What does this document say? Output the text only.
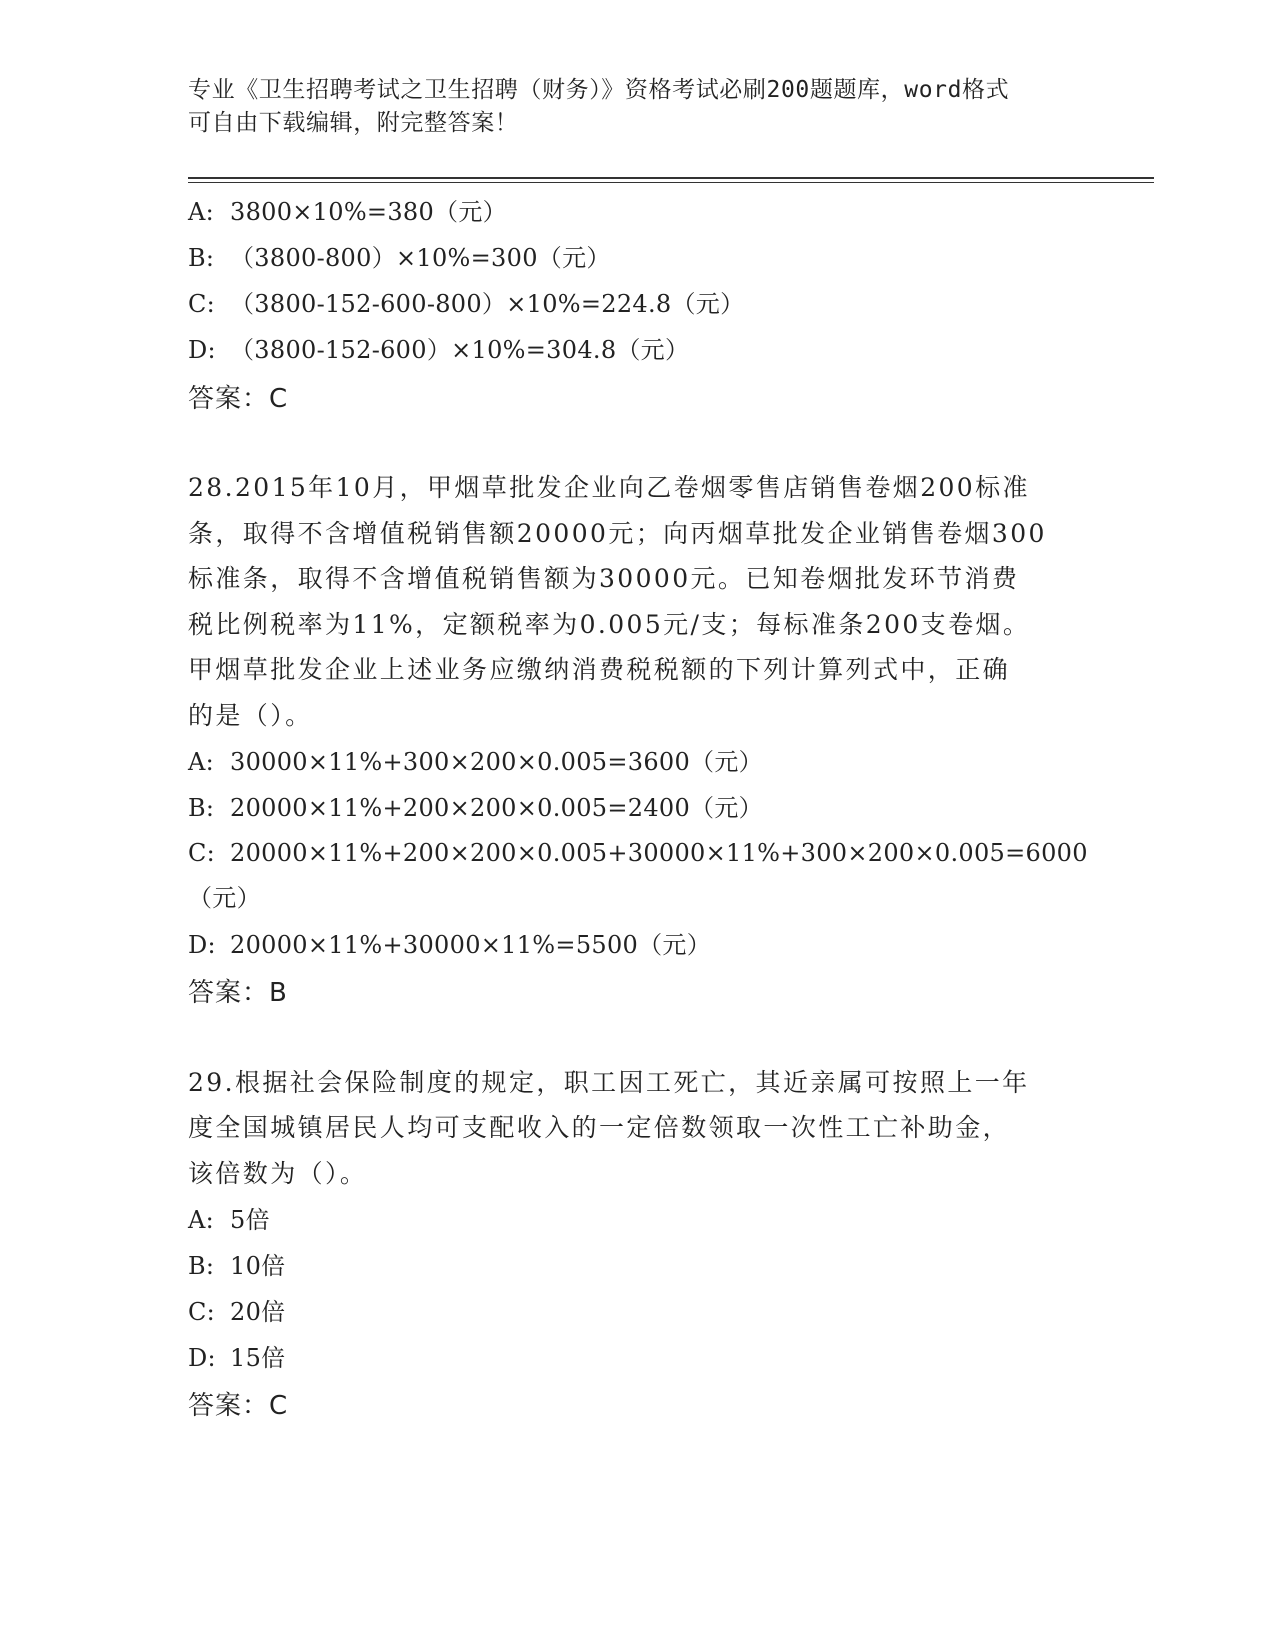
专业《卫生招聘考试之卫生招聘（财务）》资格考试必刷200题题库，word格式
可自由下载编辑，附完整答案！
A: 3800×10%=380（元）
B: （3800-800）×10%=300（元）
C: （3800-152-600-800）×10%=224.8（元）
D: （3800-152-600）×10%=304.8（元）
答案：C
28.2015年10月，甲烟草批发企业向乙卷烟零售店销售卷烟200标准
条，取得不含增值税销售额20000元；向丙烟草批发企业销售卷烟300
标准条，取得不含增值税销售额为30000元。已知卷烟批发环节消费
税比例税率为11%，定额税率为0.005元/支；每标准条200支卷烟。
甲烟草批发企业上述业务应缴纳消费税税额的下列计算列式中，正确
的是（）。
A: 30000×11%+300×200×0.005=3600（元）
B: 20000×11%+200×200×0.005=2400（元）
C: 20000×11%+200×200×0.005+30000×11%+300×200×0.005=6000
（元）
D: 20000×11%+30000×11%=5500（元）
答案：B
29.根据社会保险制度的规定，职工因工死亡，其近亲属可按照上一年
度全国城镇居民人均可支配收入的一定倍数领取一次性工亡补助金，
该倍数为（）。
A: 5倍
B: 10倍
C: 20倍
D: 15倍
答案：C
